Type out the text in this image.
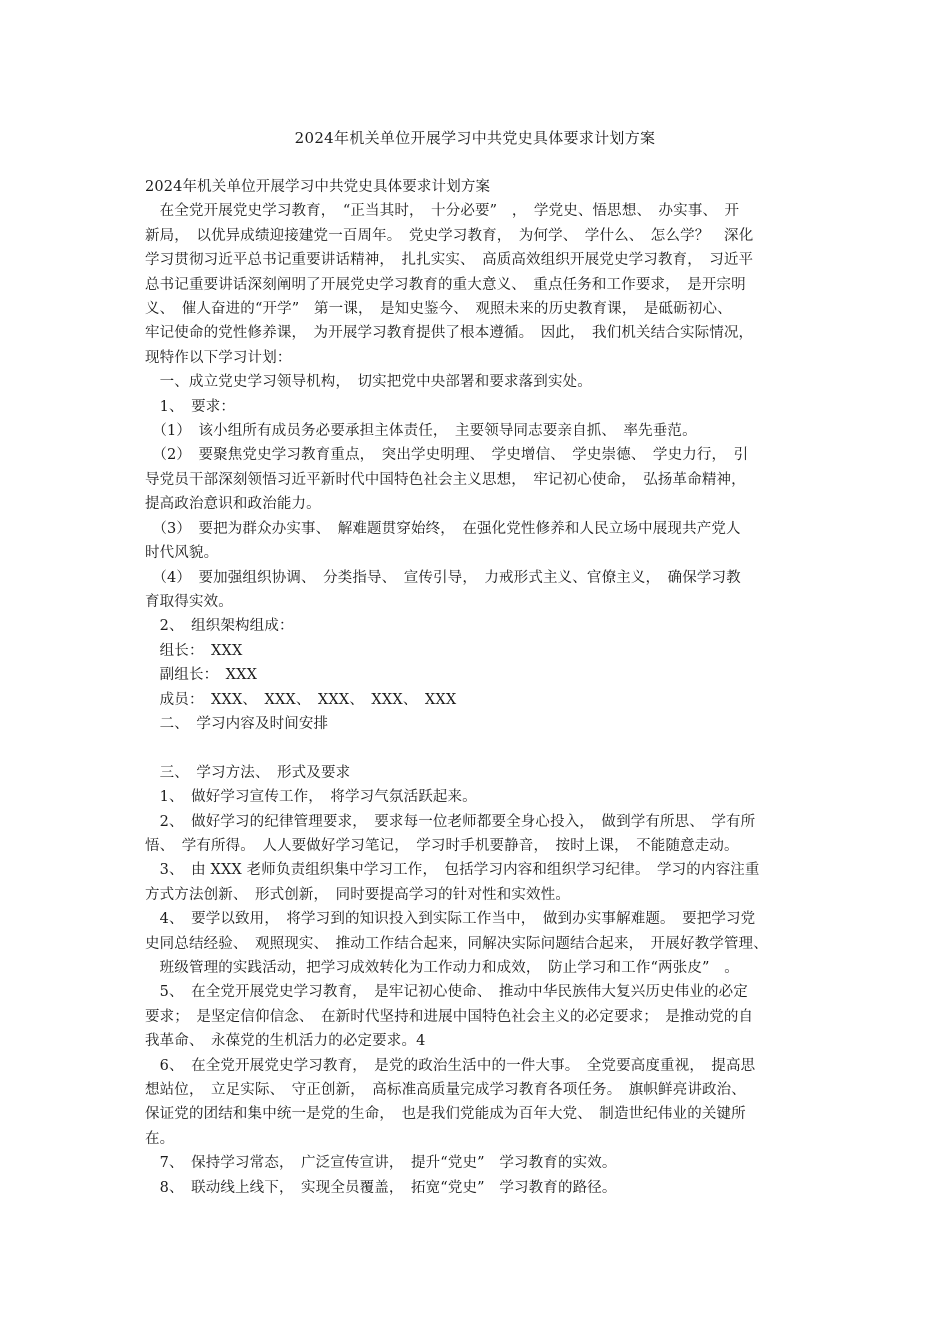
2024年机关单位开展学习中共党史具体要求计划方案

2024年机关单位开展学习中共党史具体要求计划方案

　在全党开展党史学习教育，　“正当其时，　十分必要”　，　学党史、悟思想、　办实事、　开

新局，　以优异成绩迎接建党一百周年。　党史学习教育，　为何学、　学什么、　怎么学？　深化

学习贯彻习近平总书记重要讲话精神，　扎扎实实、　高质高效组织开展党史学习教育，　习近平

总书记重要讲话深刻阐明了开展党史学习教育的重大意义、　重点任务和工作要求，　是开宗明

义、　催人奋进的“开学”　第一课，　是知史鉴今、　观照未来的历史教育课，　是砥砺初心、

牢记使命的党性修养课，　为开展学习教育提供了根本遵循。　因此，　我们机关结合实际情况，

现特作以下学习计划：

　一、成立党史学习领导机构，　切实把党中央部署和要求落到实处。

　1、　要求：

　（1）　该小组所有成员务必要承担主体责任，　主要领导同志要亲自抓、　率先垂范。

　（2）　要聚焦党史学习教育重点，　突出学史明理、　学史增信、　学史崇德、　学史力行，　引

导党员干部深刻领悟习近平新时代中国特色社会主义思想，　牢记初心使命，　弘扬革命精神，

提高政治意识和政治能力。

　（3）　要把为群众办实事、　解难题贯穿始终，　在强化党性修养和人民立场中展现共产党人

时代风貌。

　（4）　要加强组织协调、　分类指导、　宣传引导，　力戒形式主义、官僚主义，　确保学习教

育取得实效。

　2、　组织架构组成：

　组长：　XXX

　副组长：　XXX

　成员：　XXX、　XXX、　XXX、　XXX、　XXX

　二、　学习内容及时间安排

　三、　学习方法、　形式及要求

　1、　做好学习宣传工作，　将学习气氛活跃起来。

　2、　做好学习的纪律管理要求，　要求每一位老师都要全身心投入，　做到学有所思、　学有所

悟、　学有所得。　人人要做好学习笔记，　学习时手机要静音，　按时上课，　不能随意走动。

　3、　由 XXX 老师负责组织集中学习工作，　包括学习内容和组织学习纪律。　学习的内容注重

方式方法创新、　形式创新，　同时要提高学习的针对性和实效性。

　4、　要学以致用，　将学习到的知识投入到实际工作当中，　做到办实事解难题。　要把学习党

史同总结经验、　观照现实、　推动工作结合起来，同解决实际问题结合起来，　开展好教学管理、

　班级管理的实践活动，把学习成效转化为工作动力和成效，　防止学习和工作“两张皮”　。

　5、　在全党开展党史学习教育，　是牢记初心使命、　推动中华民族伟大复兴历史伟业的必定

要求；　是坚定信仰信念、　在新时代坚持和进展中国特色社会主义的必定要求；　是推动党的自

我革命、　永葆党的生机活力的必定要求。4

　6、　在全党开展党史学习教育，　是党的政治生活中的一件大事。　全党要高度重视，　提高思

想站位，　立足实际、　守正创新，　高标准高质量完成学习教育各项任务。　旗帜鲜亮讲政治、

保证党的团结和集中统一是党的生命，　也是我们党能成为百年大党、　制造世纪伟业的关键所

在。

　7、　保持学习常态，　广泛宣传宣讲，　提升“党史”　学习教育的实效。

　8、　联动线上线下，　实现全员覆盖，　拓宽“党史”　学习教育的路径。
